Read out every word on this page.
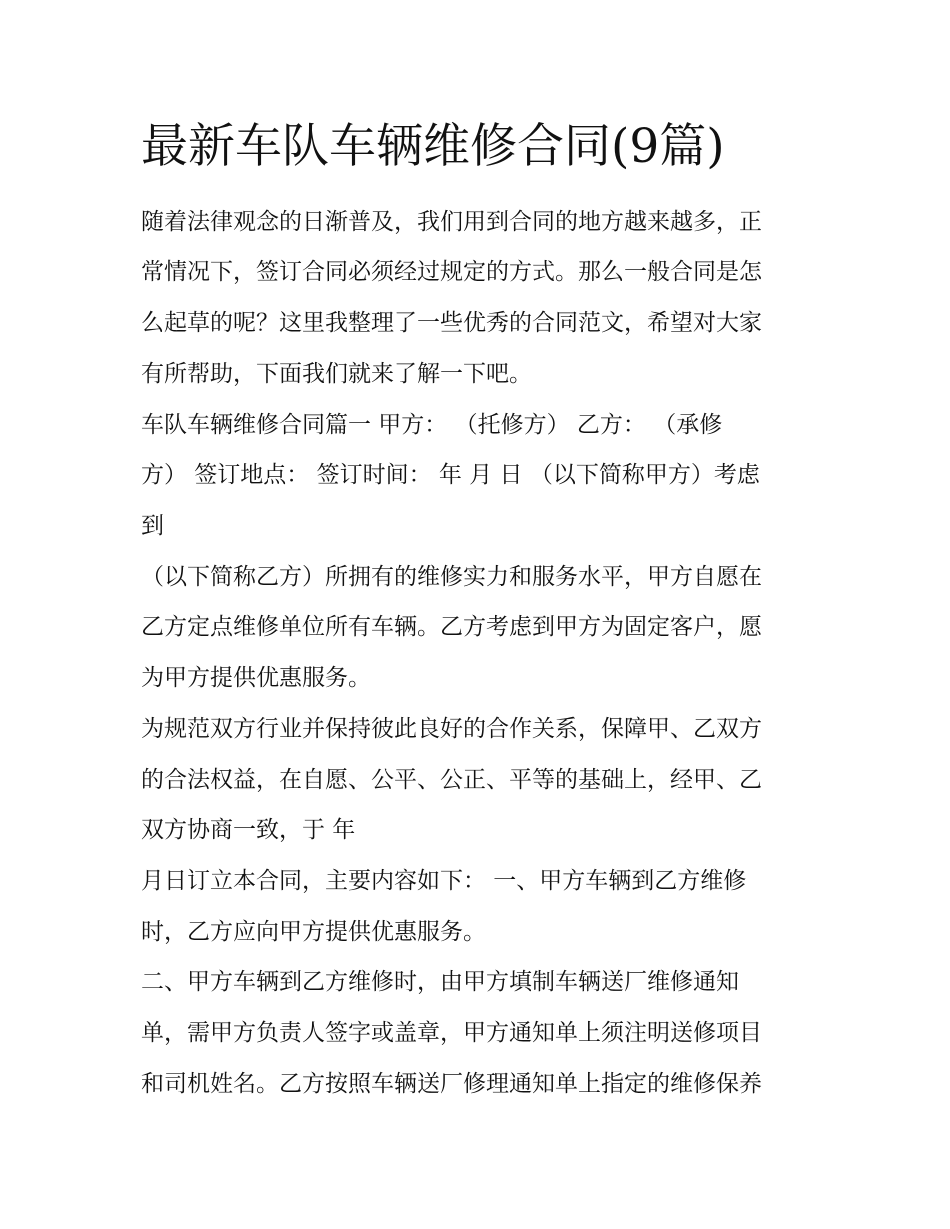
最新车队车辆维修合同(9篇)

随着法律观念的日渐普及，我们用到合同的地方越来越多，正

常情况下，签订合同必须经过规定的方式。那么一般合同是怎

么起草的呢？这里我整理了一些优秀的合同范文，希望对大家

有所帮助，下面我们就来了解一下吧。

车队车辆维修合同篇一 甲方： （托修方） 乙方： （承修

方） 签订地点： 签订时间： 年 月 日 （以下简称甲方）考虑

到

（以下简称乙方）所拥有的维修实力和服务水平，甲方自愿在

乙方定点维修单位所有车辆。乙方考虑到甲方为固定客户，愿

为甲方提供优惠服务。

为规范双方行业并保持彼此良好的合作关系，保障甲、乙双方

的合法权益，在自愿、公平、公正、平等的基础上，经甲、乙

双方协商一致，于 年

月日订立本合同，主要内容如下： 一、甲方车辆到乙方维修

时，乙方应向甲方提供优惠服务。

二、甲方车辆到乙方维修时，由甲方填制车辆送厂维修通知

单，需甲方负责人签字或盖章，甲方通知单上须注明送修项目

和司机姓名。乙方按照车辆送厂修理通知单上指定的维修保养
